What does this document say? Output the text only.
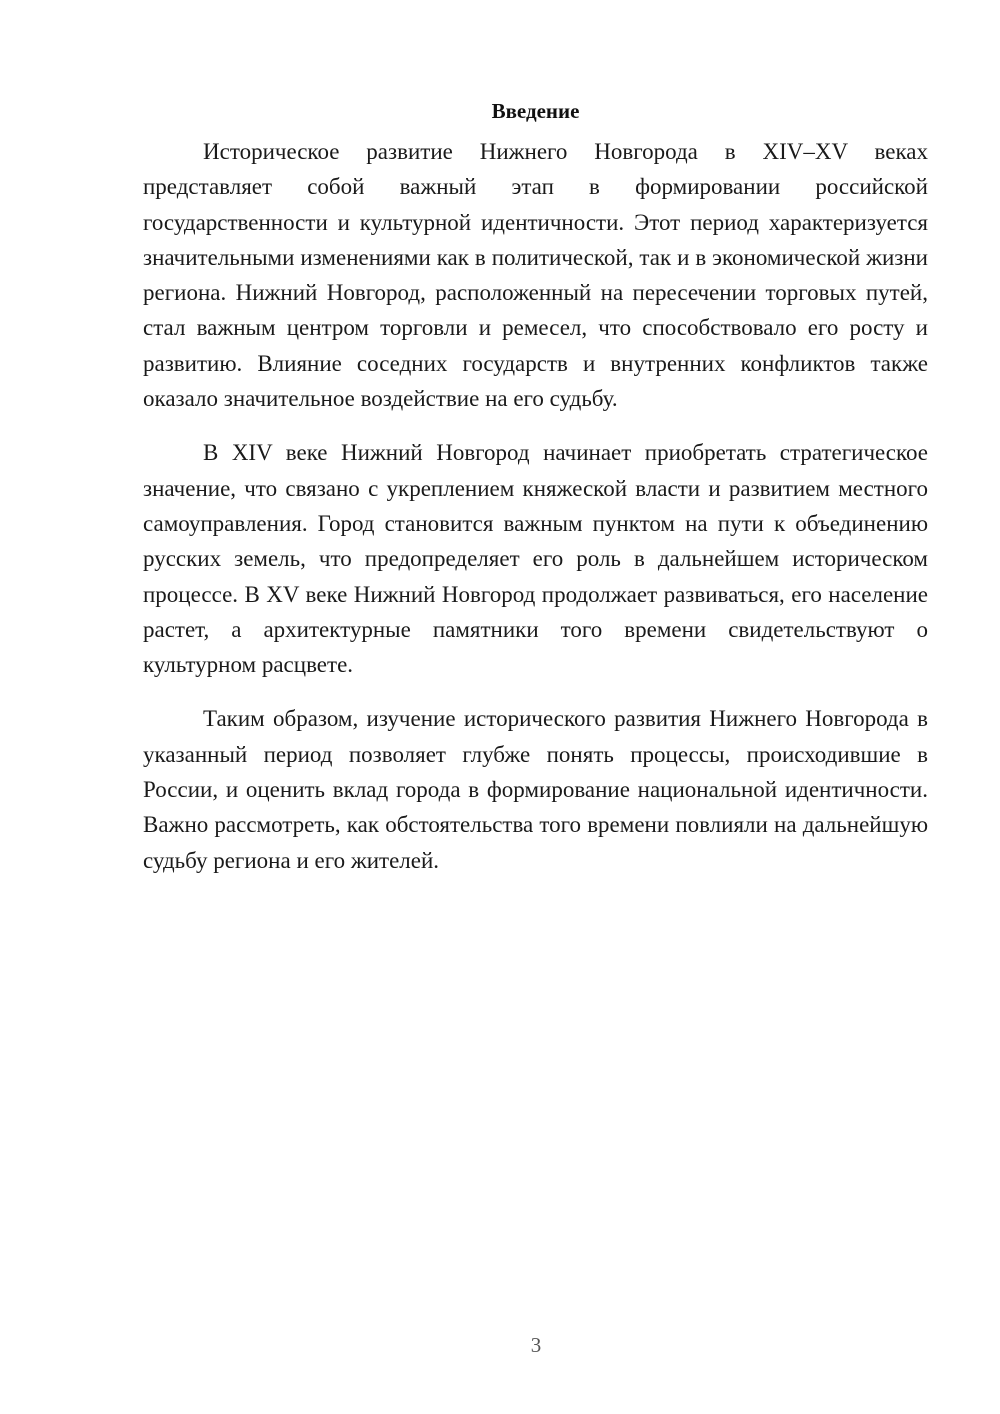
Введение

Историческое развитие Нижнего Новгорода в XIV–XV веках представляет собой важный этап в формировании российской государственности и культурной идентичности. Этот период характеризуется значительными изменениями как в политической, так и в экономической жизни региона. Нижний Новгород, расположенный на пересечении торговых путей, стал важным центром торговли и ремесел, что способствовало его росту и развитию. Влияние соседних государств и внутренних конфликтов также оказало значительное воздействие на его судьбу.

В XIV веке Нижний Новгород начинает приобретать стратегическое значение, что связано с укреплением княжеской власти и развитием местного самоуправления. Город становится важным пунктом на пути к объединению русских земель, что предопределяет его роль в дальнейшем историческом процессе. В XV веке Нижний Новгород продолжает развиваться, его население растет, а архитектурные памятники того времени свидетельствуют о культурном расцвете.

Таким образом, изучение исторического развития Нижнего Новгорода в указанный период позволяет глубже понять процессы, происходившие в России, и оценить вклад города в формирование национальной идентичности. Важно рассмотреть, как обстоятельства того времени повлияли на дальнейшую судьбу региона и его жителей.

3
